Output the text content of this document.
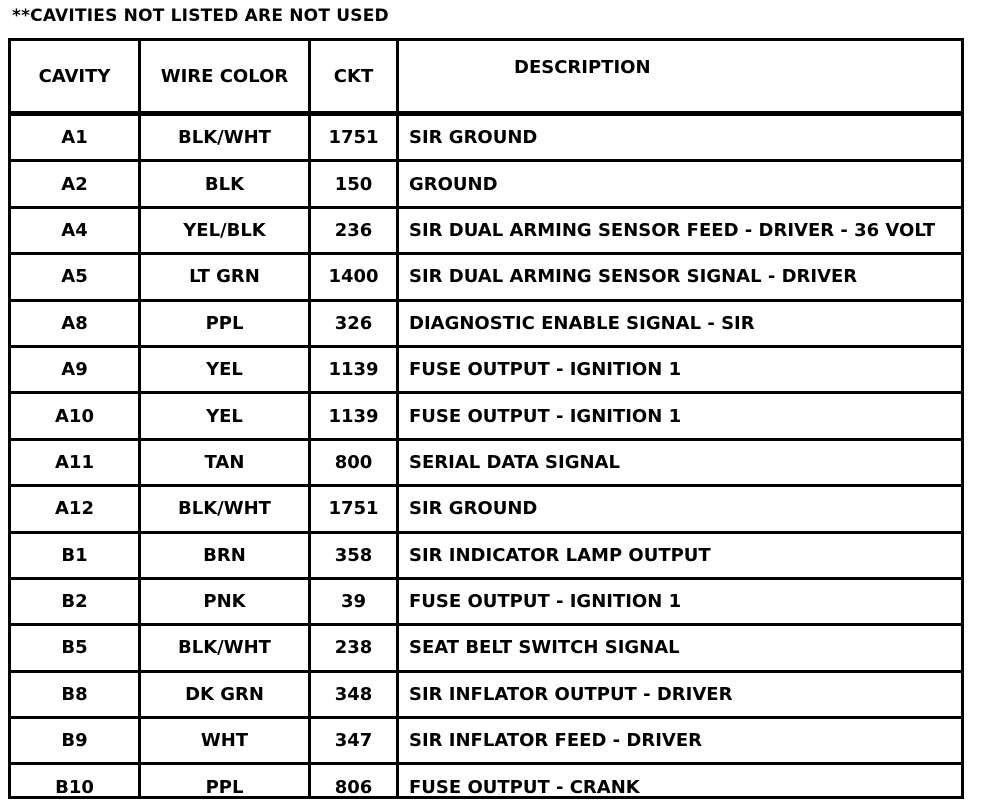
**CAVITIES NOT LISTED ARE NOT USED
CAVITY	WIRE COLOR	CKT	DESCRIPTION
A1	BLK/WHT	1751	SIR GROUND
A2	BLK	150	GROUND
A4	YEL/BLK	236	SIR DUAL ARMING SENSOR FEED - DRIVER - 36 VOLT
A5	LT GRN	1400	SIR DUAL ARMING SENSOR SIGNAL - DRIVER
A8	PPL	326	DIAGNOSTIC ENABLE SIGNAL - SIR
A9	YEL	1139	FUSE OUTPUT - IGNITION 1
A10	YEL	1139	FUSE OUTPUT - IGNITION 1
A11	TAN	800	SERIAL DATA SIGNAL
A12	BLK/WHT	1751	SIR GROUND
B1	BRN	358	SIR INDICATOR LAMP OUTPUT
B2	PNK	39	FUSE OUTPUT - IGNITION 1
B5	BLK/WHT	238	SEAT BELT SWITCH SIGNAL
B8	DK GRN	348	SIR INFLATOR OUTPUT - DRIVER
B9	WHT	347	SIR INFLATOR FEED - DRIVER
B10	PPL	806	FUSE OUTPUT - CRANK
